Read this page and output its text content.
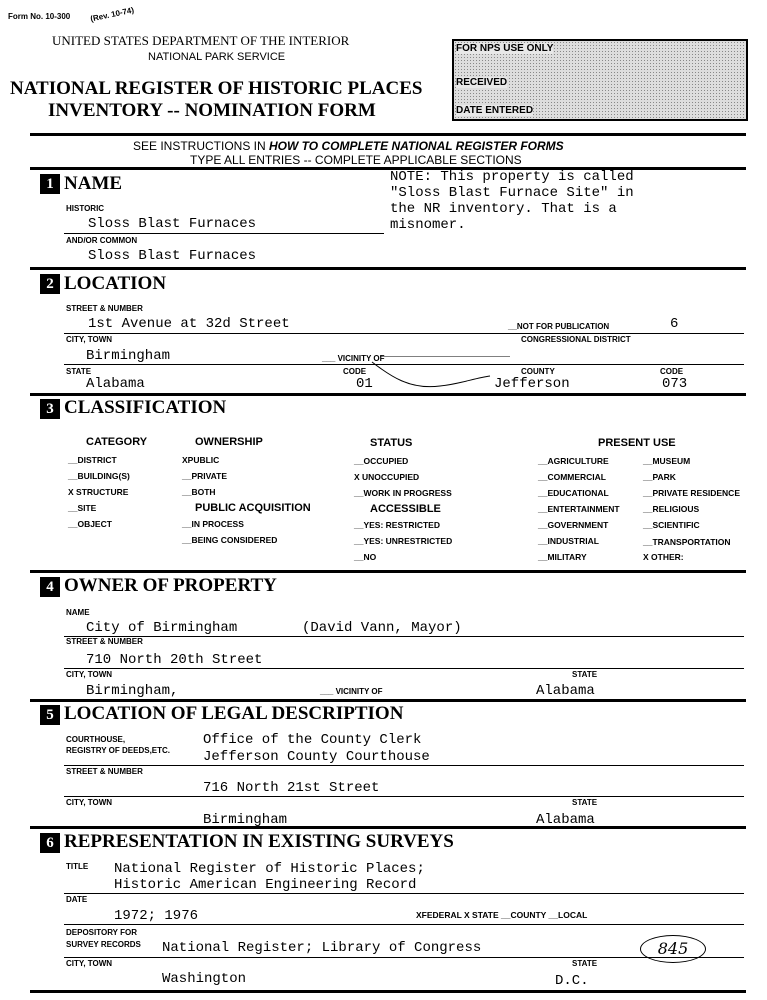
Form No. 10-300 (Rev. 10-74)
UNITED STATES DEPARTMENT OF THE INTERIOR
NATIONAL PARK SERVICE
NATIONAL REGISTER OF HISTORIC PLACES
INVENTORY -- NOMINATION FORM
FOR NPS USE ONLY
RECEIVED
DATE ENTERED
SEE INSTRUCTIONS IN HOW TO COMPLETE NATIONAL REGISTER FORMS
TYPE ALL ENTRIES -- COMPLETE APPLICABLE SECTIONS
1 NAME
HISTORIC
Sloss Blast Furnaces
AND/OR COMMON
Sloss Blast Furnaces
NOTE: This property is called
"Sloss Blast Furnace Site" in
the NR inventory. That is a
misnomer.
2 LOCATION
STREET & NUMBER
1st Avenue at 32d Street	__NOT FOR PUBLICATION	6
CITY, TOWN	CONGRESSIONAL DISTRICT
Birmingham	___ VICINITY OF
STATE	CODE	COUNTY	CODE
Alabama	01	Jefferson	073
3 CLASSIFICATION
CATEGORY
__DISTRICT
__BUILDING(S)
X STRUCTURE
__SITE
__OBJECT
OWNERSHIP
XPUBLIC
__PRIVATE
__BOTH
PUBLIC ACQUISITION
__IN PROCESS
__BEING CONSIDERED
STATUS
__OCCUPIED
X UNOCCUPIED
__WORK IN PROGRESS
ACCESSIBLE
__YES: RESTRICTED
__YES: UNRESTRICTED
__NO
PRESENT USE
__AGRICULTURE
__COMMERCIAL
__EDUCATIONAL
__ENTERTAINMENT
__GOVERNMENT
__INDUSTRIAL
__MILITARY
__MUSEUM
__PARK
__PRIVATE RESIDENCE
__RELIGIOUS
__SCIENTIFIC
__TRANSPORTATION
X OTHER:
4 OWNER OF PROPERTY
NAME
City of Birmingham	(David Vann, Mayor)
STREET & NUMBER
710 North 20th Street
CITY, TOWN	STATE
Birmingham,	___ VICINITY OF	Alabama
5 LOCATION OF LEGAL DESCRIPTION
COURTHOUSE,
REGISTRY OF DEEDS,ETC.
Office of the County Clerk
Jefferson County Courthouse
STREET & NUMBER
716 North 21st Street
CITY, TOWN	STATE
Birmingham	Alabama
6 REPRESENTATION IN EXISTING SURVEYS
TITLE National Register of Historic Places;
Historic American Engineering Record
DATE
1972; 1976	XFEDERAL X STATE __COUNTY __LOCAL
DEPOSITORY FOR
SURVEY RECORDS National Register; Library of Congress	845
CITY, TOWN	STATE
Washington	D.C.
